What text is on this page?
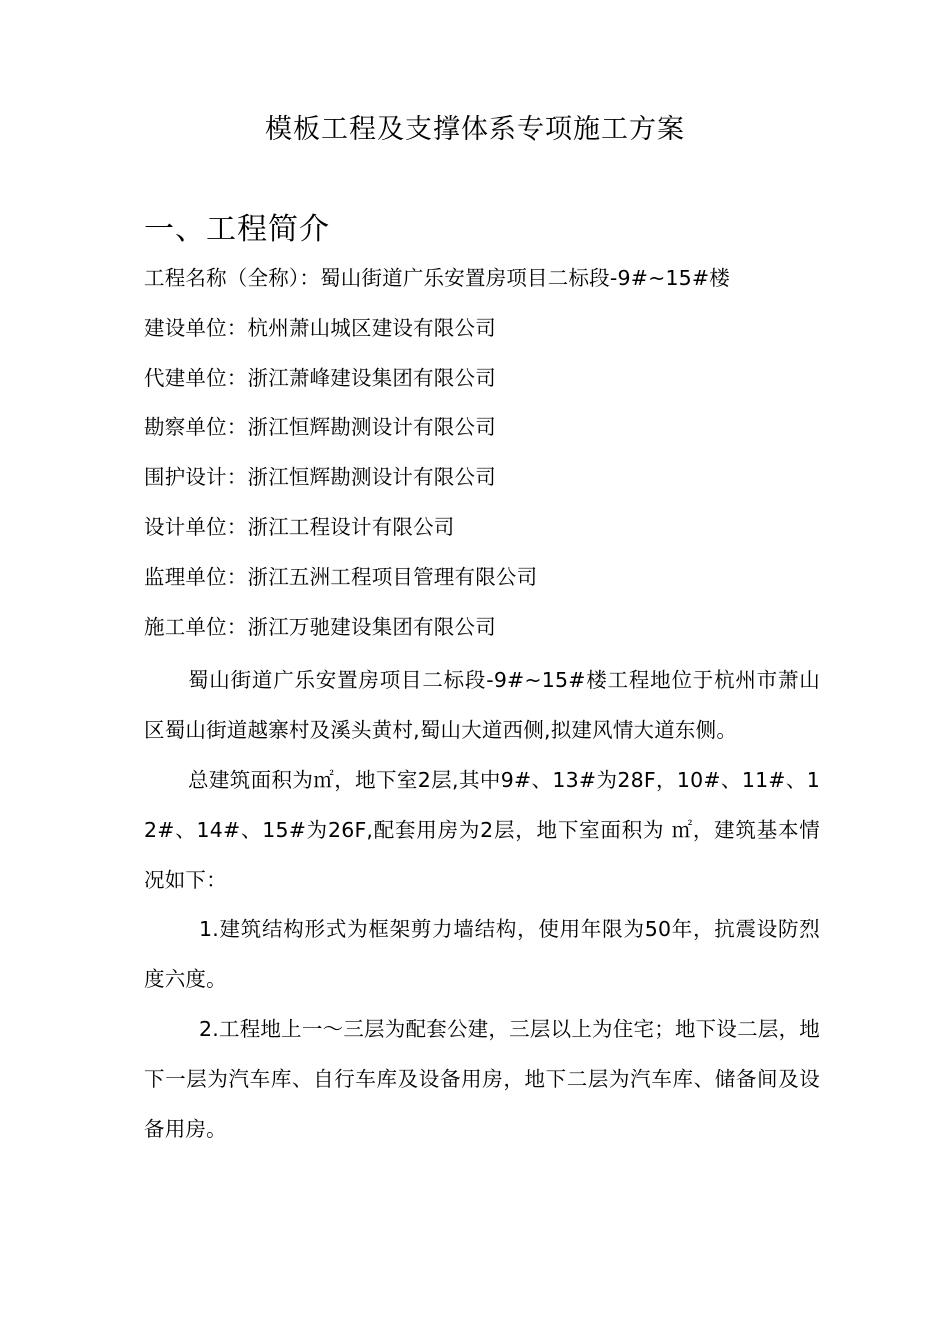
模板工程及支撑体系专项施工方案
一、工程简介
工程名称（全称）：蜀山街道广乐安置房项目二标段-9#~15#楼
建设单位：杭州萧山城区建设有限公司
代建单位：浙江萧峰建设集团有限公司
勘察单位：浙江恒辉勘测设计有限公司
围护设计：浙江恒辉勘测设计有限公司
设计单位：浙江工程设计有限公司
监理单位：浙江五洲工程项目管理有限公司
施工单位：浙江万驰建设集团有限公司

蜀山街道广乐安置房项目二标段-9#~15#楼工程地位于杭州市萧山区蜀山街道越寨村及溪头黄村,蜀山大道西侧,拟建风情大道东侧。

总建筑面积为㎡，地下室2层,其中9#、13#为28F，10#、11#、12#、14#、15#为26F,配套用房为2层，地下室面积为 ㎡，建筑基本情况如下：

1.建筑结构形式为框架剪力墙结构，使用年限为50年，抗震设防烈度六度。

2.工程地上一～三层为配套公建，三层以上为住宅；地下设二层，地下一层为汽车库、自行车库及设备用房，地下二层为汽车库、储备间及设备用房。
